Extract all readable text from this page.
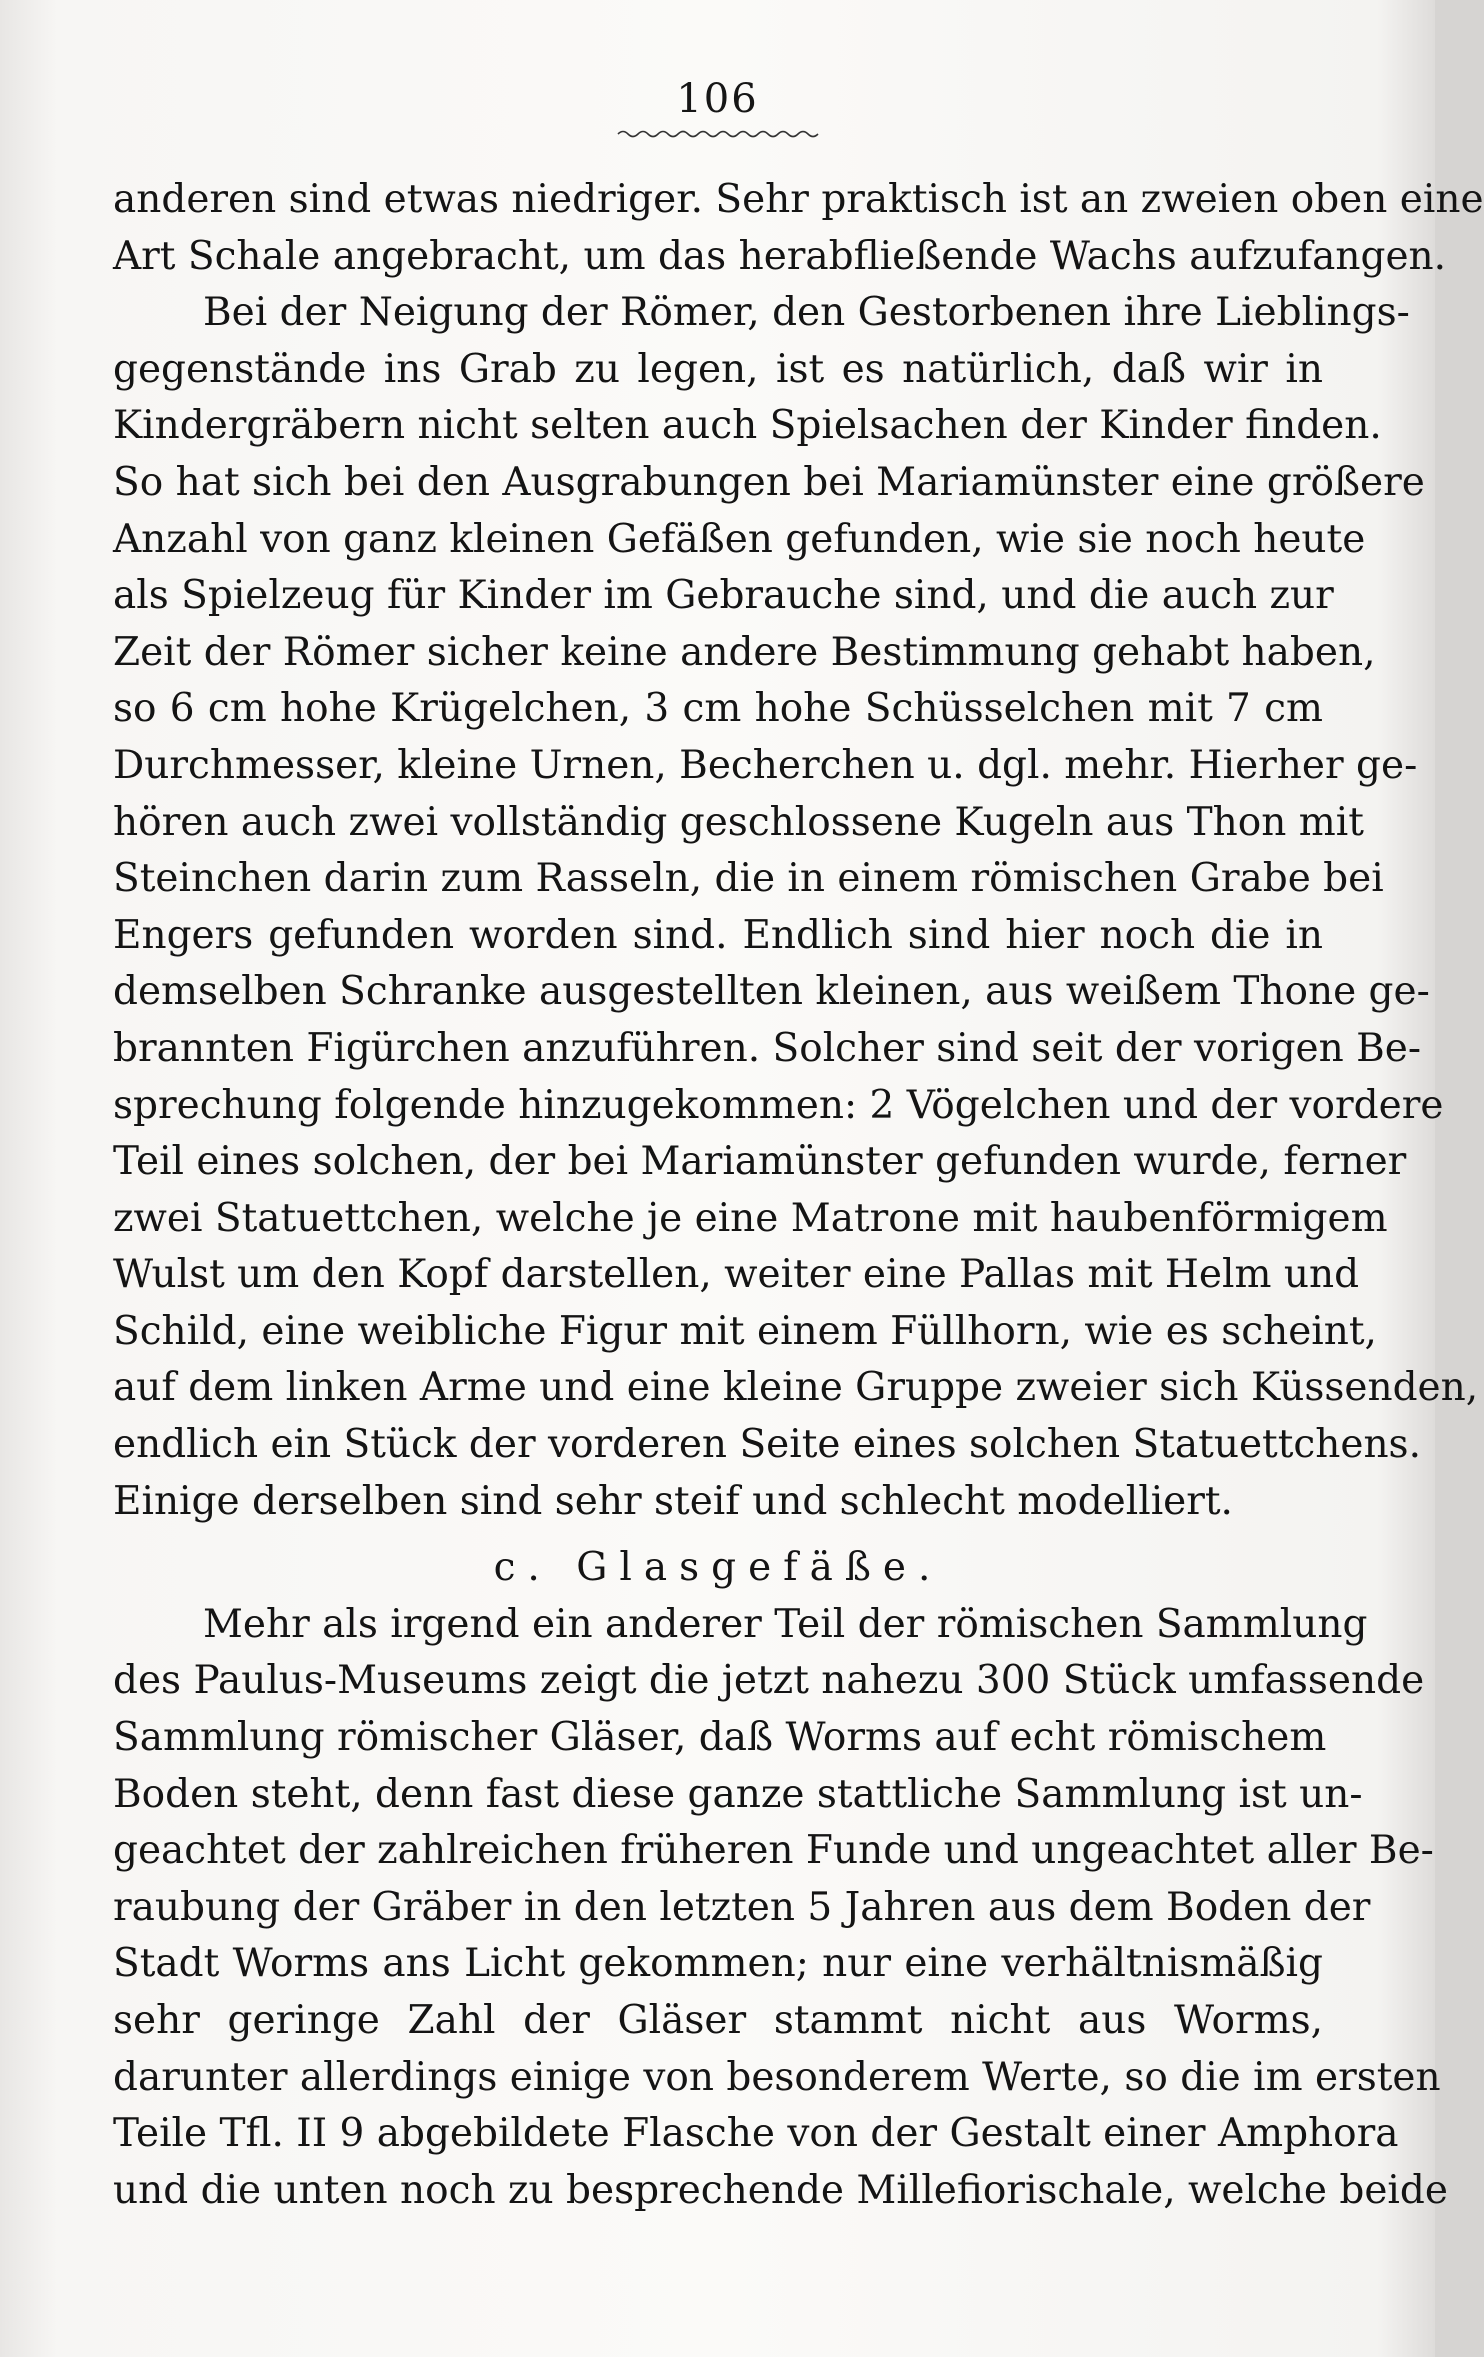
106
anderen sind etwas niedriger. Sehr praktisch ist an zweien oben eine
Art Schale angebracht, um das herabfließende Wachs aufzufangen.
Bei der Neigung der Römer, den Gestorbenen ihre Lieblings-
gegenstände ins Grab zu legen, ist es natürlich, daß wir in
Kindergräbern nicht selten auch Spielsachen der Kinder finden.
So hat sich bei den Ausgrabungen bei Mariamünster eine größere
Anzahl von ganz kleinen Gefäßen gefunden, wie sie noch heute
als Spielzeug für Kinder im Gebrauche sind, und die auch zur
Zeit der Römer sicher keine andere Bestimmung gehabt haben,
so 6 cm hohe Krügelchen, 3 cm hohe Schüsselchen mit 7 cm
Durchmesser, kleine Urnen, Becherchen u. dgl. mehr. Hierher ge-
hören auch zwei vollständig geschlossene Kugeln aus Thon mit
Steinchen darin zum Rasseln, die in einem römischen Grabe bei
Engers gefunden worden sind. Endlich sind hier noch die in
demselben Schranke ausgestellten kleinen, aus weißem Thone ge-
brannten Figürchen anzuführen. Solcher sind seit der vorigen Be-
sprechung folgende hinzugekommen: 2 Vögelchen und der vordere
Teil eines solchen, der bei Mariamünster gefunden wurde, ferner
zwei Statuettchen, welche je eine Matrone mit haubenförmigem
Wulst um den Kopf darstellen, weiter eine Pallas mit Helm und
Schild, eine weibliche Figur mit einem Füllhorn, wie es scheint,
auf dem linken Arme und eine kleine Gruppe zweier sich Küssenden,
endlich ein Stück der vorderen Seite eines solchen Statuettchens.
Einige derselben sind sehr steif und schlecht modelliert.
c. Glasgefäße.
Mehr als irgend ein anderer Teil der römischen Sammlung
des Paulus-Museums zeigt die jetzt nahezu 300 Stück umfassende
Sammlung römischer Gläser, daß Worms auf echt römischem
Boden steht, denn fast diese ganze stattliche Sammlung ist un-
geachtet der zahlreichen früheren Funde und ungeachtet aller Be-
raubung der Gräber in den letzten 5 Jahren aus dem Boden der
Stadt Worms ans Licht gekommen; nur eine verhältnismäßig
sehr geringe Zahl der Gläser stammt nicht aus Worms,
darunter allerdings einige von besonderem Werte, so die im ersten
Teile Tfl. II 9 abgebildete Flasche von der Gestalt einer Amphora
und die unten noch zu besprechende Millefiorischale, welche beide
